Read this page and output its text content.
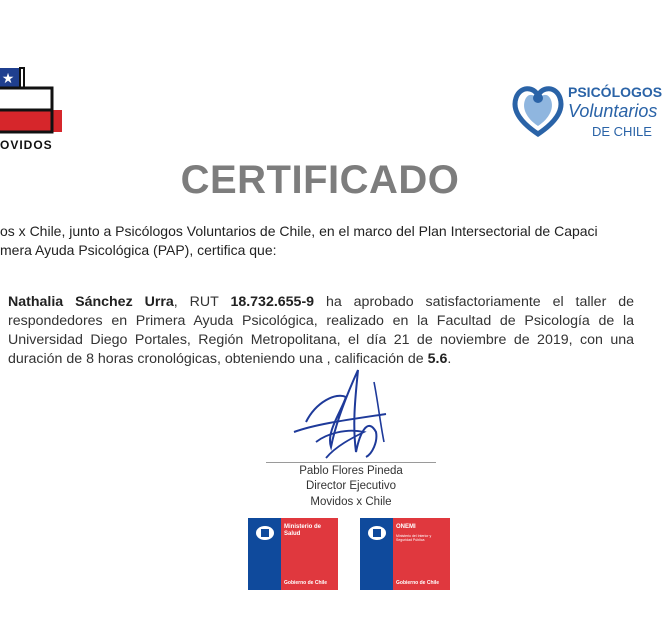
★
OVIDOS
PSICÓLOGOS
Voluntarios
DE CHILE
CERTIFICADO
os x Chile, junto a Psicólogos Voluntarios de Chile, en el marco del Plan Intersectorial de Capaci
mera Ayuda Psicológica (PAP), certifica que:
Nathalia Sánchez Urra, RUT 18.732.655-9 ha aprobado satisfactoriamente el taller de respondedores en Primera Ayuda Psicológica, realizado en la Facultad de Psicología de la Universidad Diego Portales, Región Metropolitana, el día 21 de noviembre de 2019, con una duración de 8 horas cronológicas, obteniendo una , calificación de 5.6.
Pablo Flores Pineda
Director Ejecutivo
Movidos x Chile
Ministerio de Salud
Gobierno de Chile
ONEMI
Ministerio del Interior y Seguridad Pública
Gobierno de Chile
